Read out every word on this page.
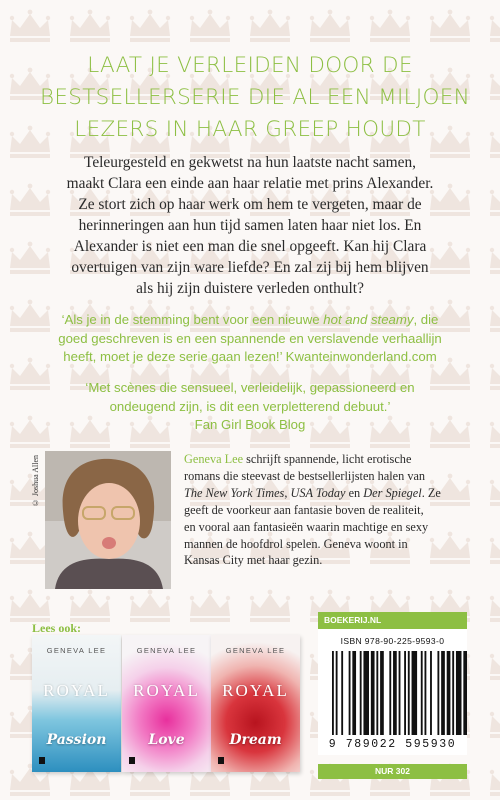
LAAT JE VERLEIDEN DOOR DE
BESTSELLERSERIE DIE AL EEN MILJOEN
LEZERS IN HAAR GREEP HOUDT
Teleurgesteld en gekwetst na hun laatste nacht samen,
maakt Clara een einde aan haar relatie met prins Alexander.
Ze stort zich op haar werk om hem te vergeten, maar de
herinneringen aan hun tijd samen laten haar niet los. En
Alexander is niet een man die snel opgeeft. Kan hij Clara
overtuigen van zijn ware liefde? En zal zij bij hem blijven
als hij zijn duistere verleden onthult?
‘Als je in de stemming bent voor een nieuwe hot and steamy, die
goed geschreven is en een spannende en verslavende verhaallijn
heeft, moet je deze serie gaan lezen!’ Kwanteinwonderland.com
‘Met scènes die sensueel, verleidelijk, gepassioneerd en
ondeugend zijn, is dit een verpletterend debuut.’
Fan Girl Book Blog
© Joshua Allen	Geneva Lee schrijft spannende, licht erotische
romans die steevast de bestsellerlijsten halen van
The New York Times, USA Today en Der Spiegel. Ze
geeft de voorkeur aan fantasie boven de realiteit,
en vooral aan fantasieën waarin machtige en sexy
mannen de hoofdrol spelen. Geneva woont in
Kansas City met haar gezin.
Lees ook:
GENEVA LEE
ROYAL
Passion
GENEVA LEE
ROYAL
Love
GENEVA LEE
ROYAL
Dream
BOEKERIJ.NL
ISBN 978-90-225-9593-0
9 789022 595930
NUR 302
